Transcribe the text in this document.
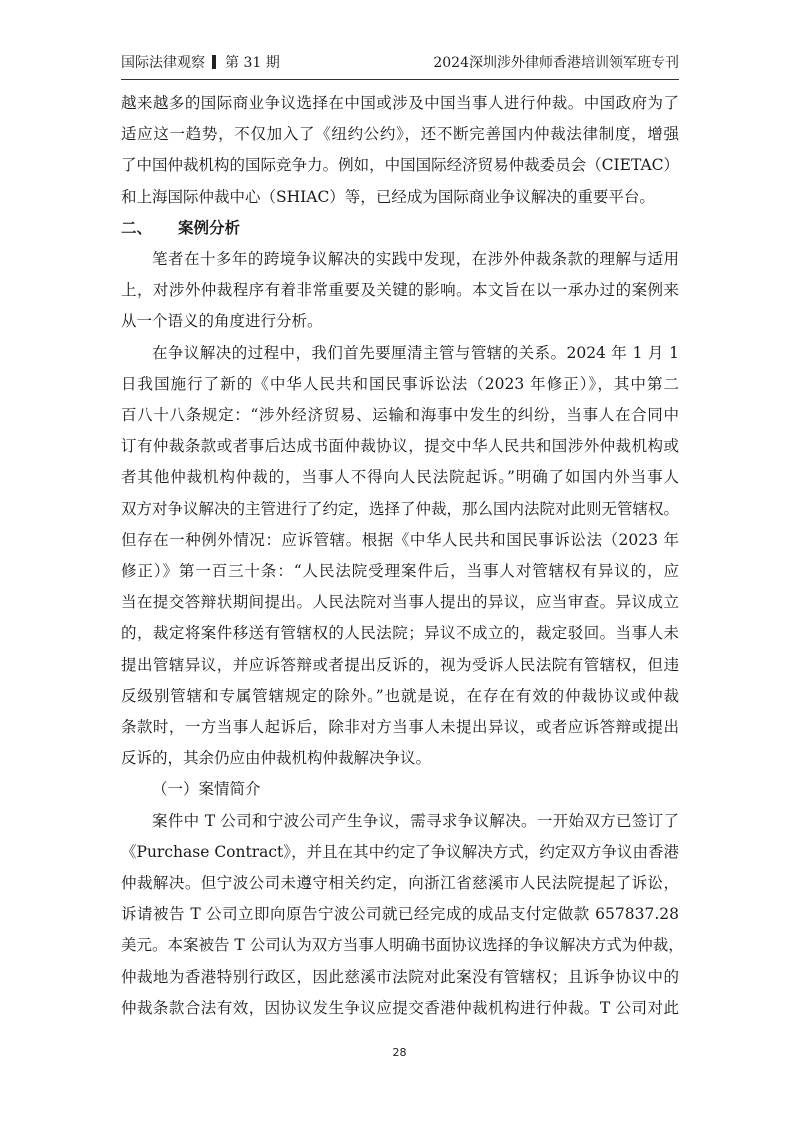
国际法律观察 第 31 期	2024深圳涉外律师香港培训领军班专刊
越来越多的国际商业争议选择在中国或涉及中国当事人进行仲裁。中国政府为了
适应这一趋势，不仅加入了《纽约公约》，还不断完善国内仲裁法律制度，增强
了中国仲裁机构的国际竞争力。例如，中国国际经济贸易仲裁委员会（CIETAC）
和上海国际仲裁中心（SHIAC）等，已经成为国际商业争议解决的重要平台。
二、 案例分析
笔者在十多年的跨境争议解决的实践中发现，在涉外仲裁条款的理解与适用
上，对涉外仲裁程序有着非常重要及关键的影响。本文旨在以一承办过的案例来
从一个语义的角度进行分析。
在争议解决的过程中，我们首先要厘清主管与管辖的关系。2024 年 1 月 1
日我国施行了新的《中华人民共和国民事诉讼法（2023 年修正）》，其中第二
百八十八条规定：“涉外经济贸易、运输和海事中发生的纠纷，当事人在合同中
订有仲裁条款或者事后达成书面仲裁协议，提交中华人民共和国涉外仲裁机构或
者其他仲裁机构仲裁的，当事人不得向人民法院起诉。”明确了如国内外当事人
双方对争议解决的主管进行了约定，选择了仲裁，那么国内法院对此则无管辖权。
但存在一种例外情况：应诉管辖。根据《中华人民共和国民事诉讼法（2023 年
修正）》第一百三十条：“人民法院受理案件后，当事人对管辖权有异议的，应
当在提交答辩状期间提出。人民法院对当事人提出的异议，应当审查。异议成立
的，裁定将案件移送有管辖权的人民法院；异议不成立的，裁定驳回。当事人未
提出管辖异议，并应诉答辩或者提出反诉的，视为受诉人民法院有管辖权，但违
反级别管辖和专属管辖规定的除外。”也就是说，在存在有效的仲裁协议或仲裁
条款时，一方当事人起诉后，除非对方当事人未提出异议，或者应诉答辩或提出
反诉的，其余仍应由仲裁机构仲裁解决争议。
（一）案情简介
案件中 T 公司和宁波公司产生争议，需寻求争议解决。一开始双方已签订了
《Purchase Contract》，并且在其中约定了争议解决方式，约定双方争议由香港
仲裁解决。但宁波公司未遵守相关约定，向浙江省慈溪市人民法院提起了诉讼，
诉请被告 T 公司立即向原告宁波公司就已经完成的成品支付定做款 657837.28
美元。本案被告 T 公司认为双方当事人明确书面协议选择的争议解决方式为仲裁，
仲裁地为香港特别行政区，因此慈溪市法院对此案没有管辖权；且诉争协议中的
仲裁条款合法有效，因协议发生争议应提交香港仲裁机构进行仲裁。T 公司对此
28
